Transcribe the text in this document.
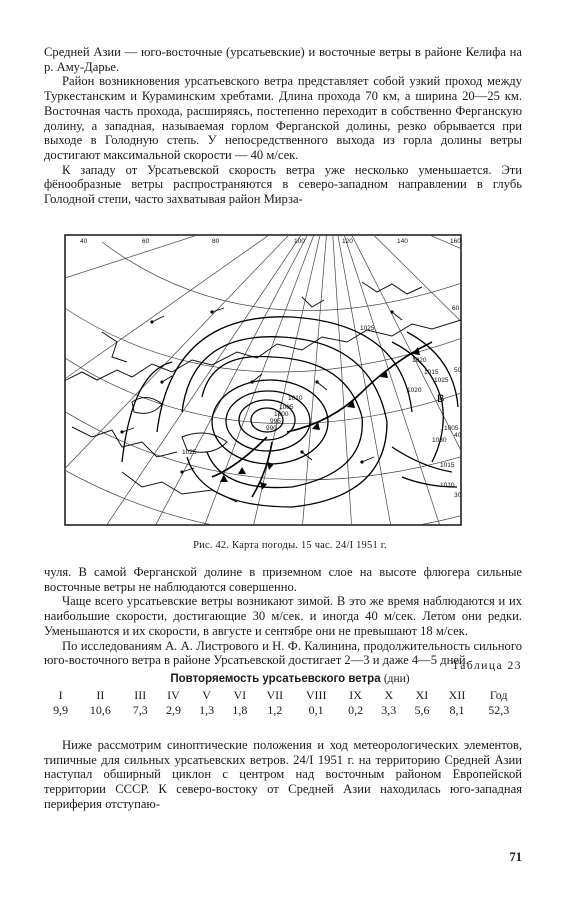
Средней Азии — юго-восточные (урсатьевские) и восточные ветры в районе Келифа на р. Аму-Дарье.

Район возникновения урсатьевского ветра представляет собой узкий проход между Туркестанским и Кураминским хребтами. Длина прохода 70 км, а ширина 20—25 км. Восточная часть прохода, расширяясь, постепенно переходит в собственно Ферганскую долину, а западная, называемая горлом Ферганской долины, резко обрывается при выходе в Голодную степь. У непосредственного выхода из горла долины ветры достигают максимальной скорости — 40 м/сек.

К западу от Урсатьевской скорость ветра уже несколько уменьшается. Эти фёнообразные ветры распространяются в северо-западном направлении в глубь Голодной степи, часто захватывая район Мирза-

40	60	80	100	120	140	160
60
50
40
30
1025
1020
1015
1010
1005
1000
995
990
1025
1020
1030
1025
1015
1010
1005
В
Рис. 42. Карта погоды. 15 час. 24/I 1951 г.

чуля. В самой Ферганской долине в приземном слое на высоте флюгера сильные восточные ветры не наблюдаются совершенно.

Чаще всего урсатьевские ветры возникают зимой. В это же время наблюдаются и их наибольшие скорости, достигающие 30 м/сек. и иногда 40 м/сек. Летом они редки. Уменьшаются и их скорости, в августе и сентябре они не превышают 18 м/сек.

По исследованиям А. А. Листрового и Н. Ф. Калинина, продолжительность сильного юго-восточного ветра в районе Урсатьевской достигает 2—3 и даже 4—5 дней.

Таблица 23
Повторяемость урсатьевского ветра (дни)
I	II	III	IV	V	VI	VII	VIII	IX	X	XI	XII	Год
9,9	10,6	7,3	2,9	1,3	1,8	1,2	0,1	0,2	3,3	5,6	8,1	52,3

Ниже рассмотрим синоптические положения и ход метеорологических элементов, типичные для сильных урсатьевских ветров. 24/I 1951 г. на территорию Средней Азии наступал обширный циклон с центром над восточным районом Европейской территории СССР. К северо-востоку от Средней Азии находилась юго-западная периферия отступаю-

71
